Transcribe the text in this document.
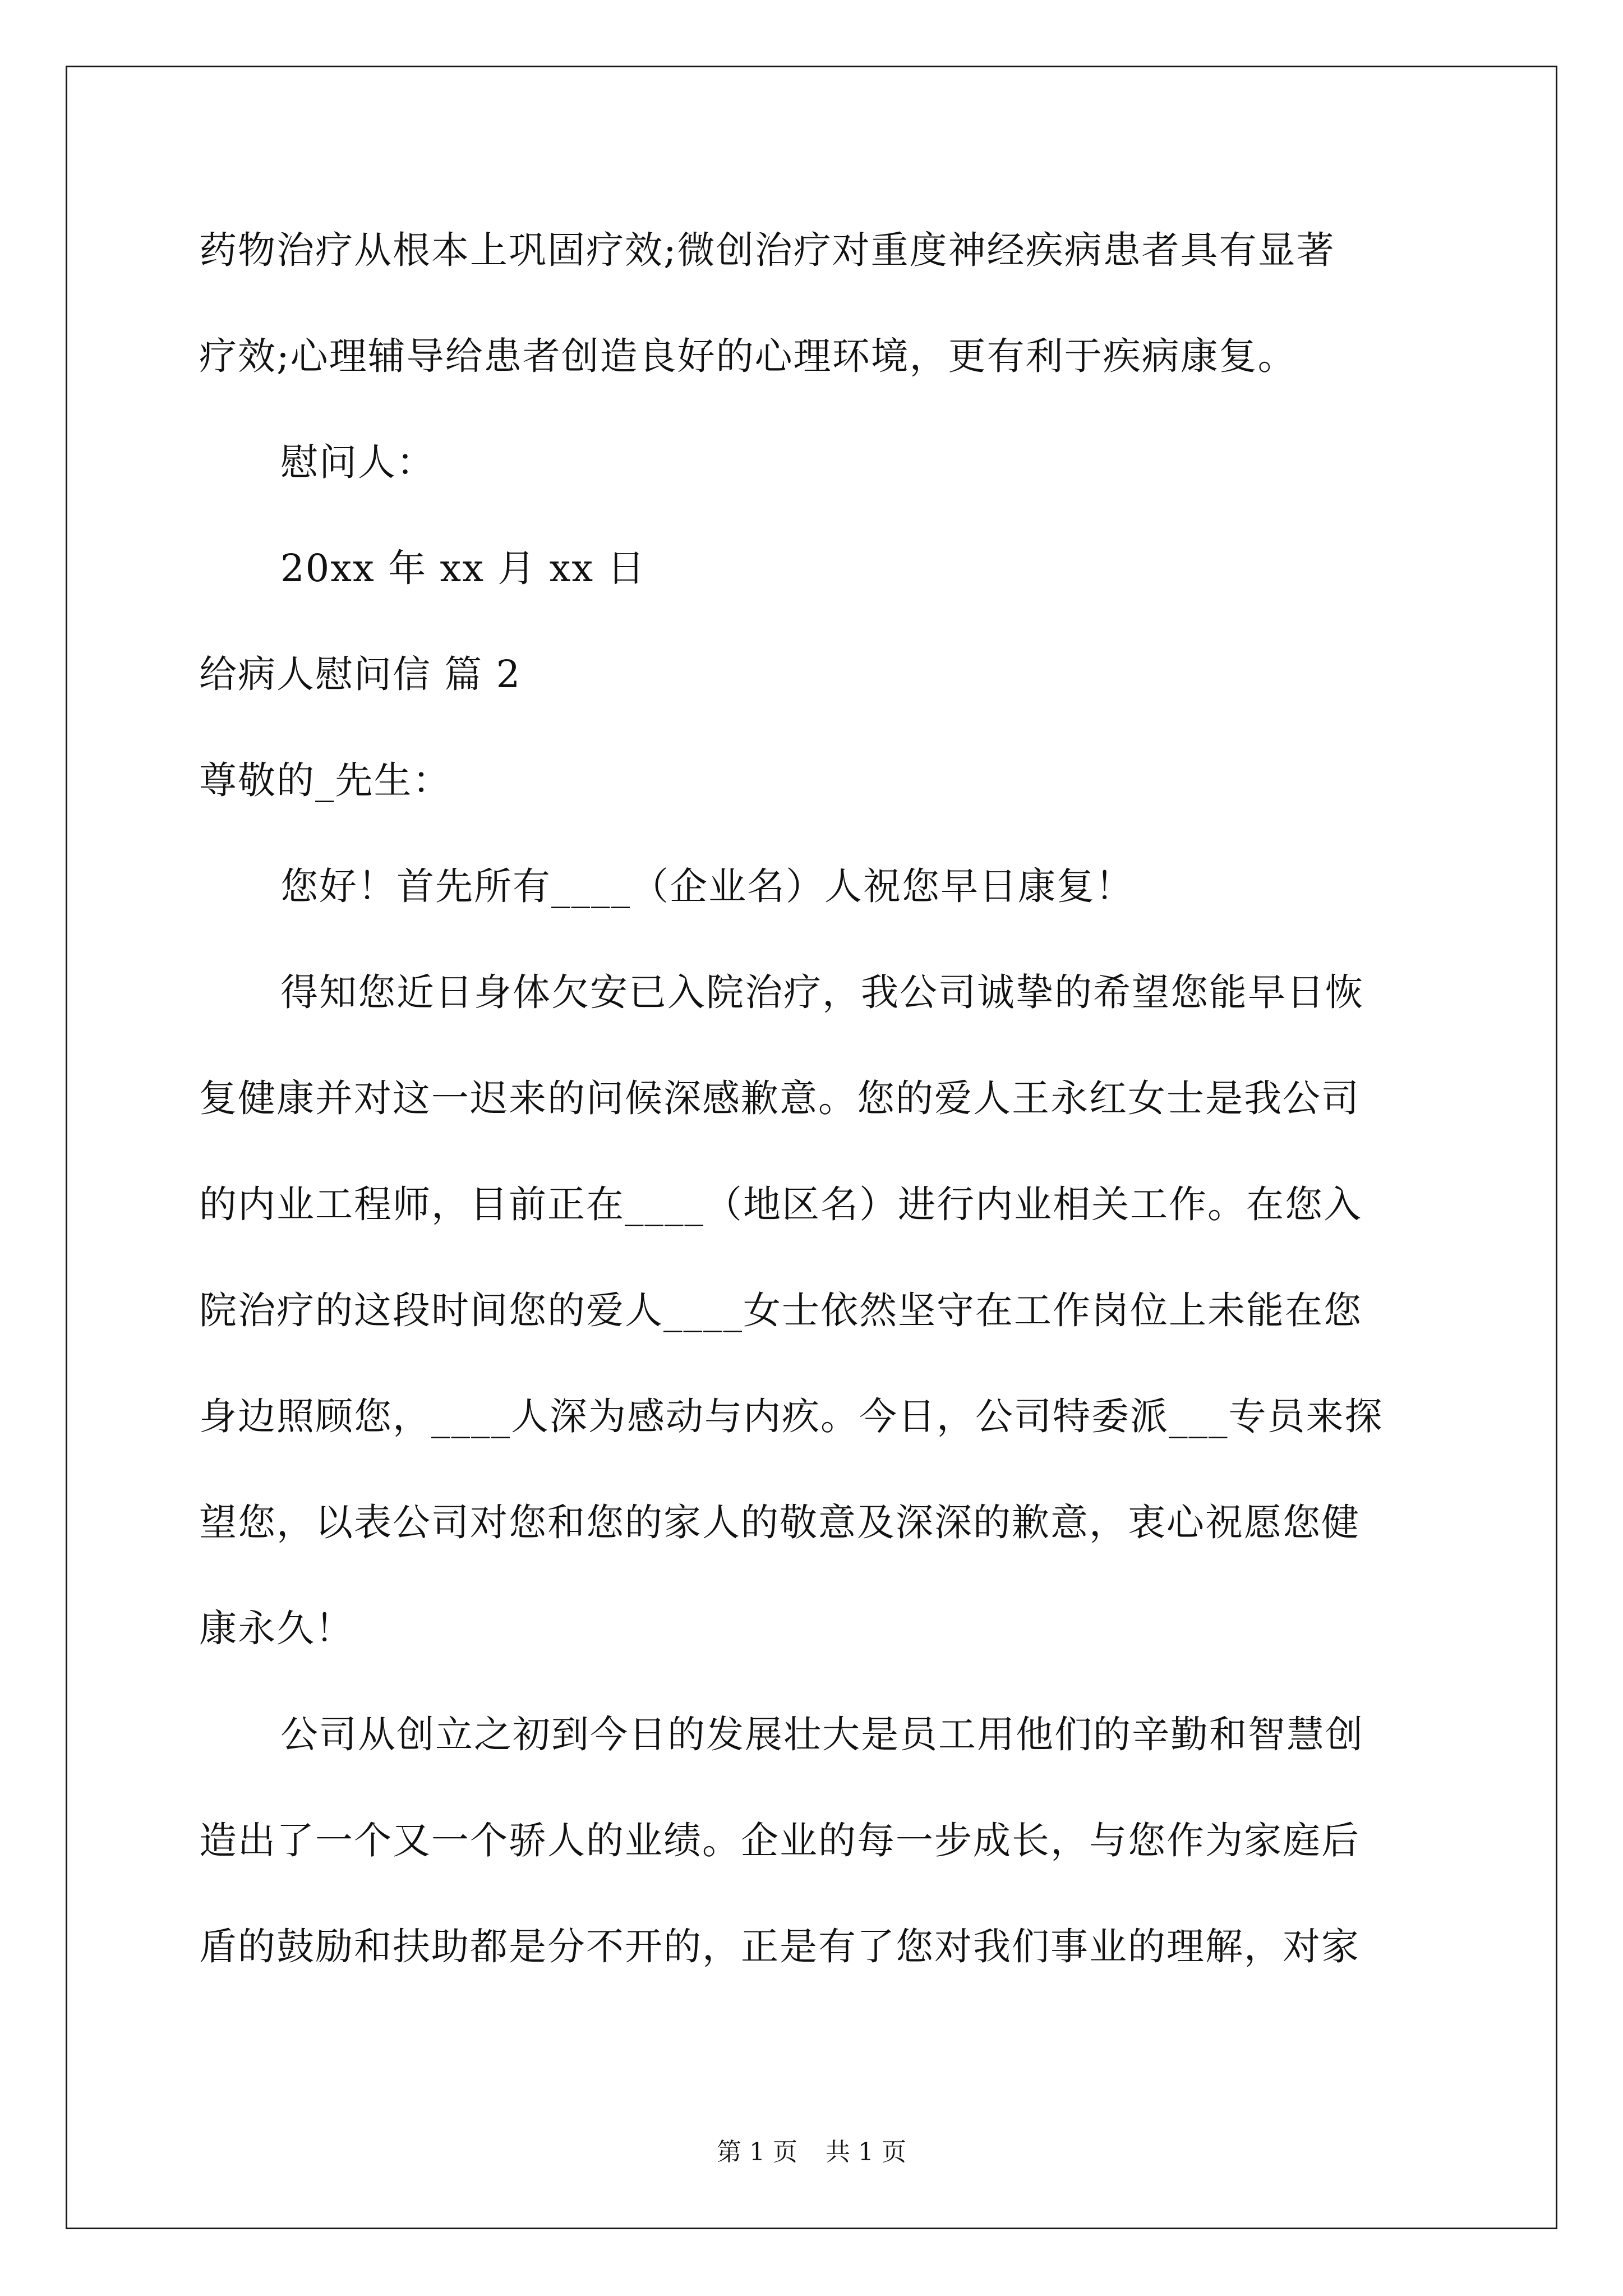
药物治疗从根本上巩固疗效;微创治疗对重度神经疾病患者具有显著
疗效;心理辅导给患者创造良好的心理环境，更有利于疾病康复。
慰问人：
20xx 年 xx 月 xx 日
给病人慰问信 篇 2
尊敬的_先生：
您好！首先所有____（企业名）人祝您早日康复！
得知您近日身体欠安已入院治疗，我公司诚挚的希望您能早日恢
复健康并对这一迟来的问候深感歉意。您的爱人王永红女士是我公司
的内业工程师，目前正在____（地区名）进行内业相关工作。在您入
院治疗的这段时间您的爱人____女士依然坚守在工作岗位上未能在您
身边照顾您，____人深为感动与内疚。今日，公司特委派___专员来探
望您，以表公司对您和您的家人的敬意及深深的歉意，衷心祝愿您健
康永久！
公司从创立之初到今日的发展壮大是员工用他们的辛勤和智慧创
造出了一个又一个骄人的业绩。企业的每一步成长，与您作为家庭后
盾的鼓励和扶助都是分不开的，正是有了您对我们事业的理解，对家
第 1 页 共 1 页
